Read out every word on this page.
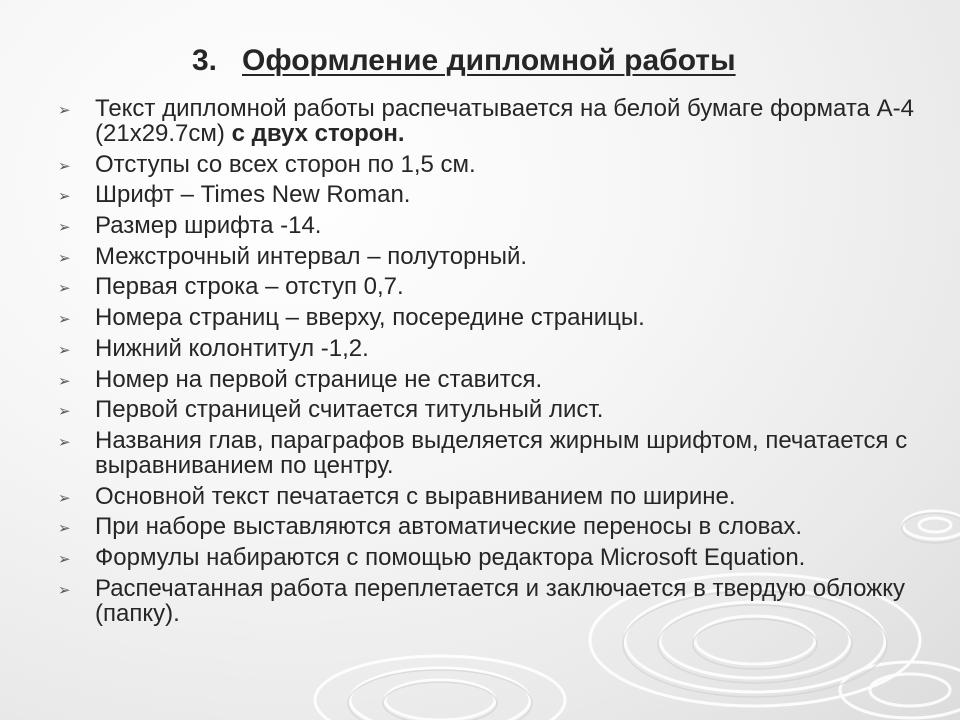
3. Оформление дипломной работы
➢ Текст дипломной работы распечатывается на белой бумаге формата А-4 (21x29.7см) с двух сторон.
➢ Отступы со всех сторон по 1,5 см.
➢ Шрифт – Times New Roman.
➢ Размер шрифта -14.
➢ Межстрочный интервал – полуторный.
➢ Первая строка – отступ 0,7.
➢ Номера страниц – вверху, посередине страницы.
➢ Нижний колонтитул -1,2.
➢ Номер на первой странице не ставится.
➢ Первой страницей считается титульный лист.
➢ Названия глав, параграфов выделяется жирным шрифтом, печатается с выравниванием по центру.
➢ Основной текст печатается с выравниванием по ширине.
➢ При наборе выставляются автоматические переносы в словах.
➢ Формулы набираются с помощью редактора Microsoft Equation.
➢ Распечатанная работа переплетается и заключается в твердую обложку (папку).
